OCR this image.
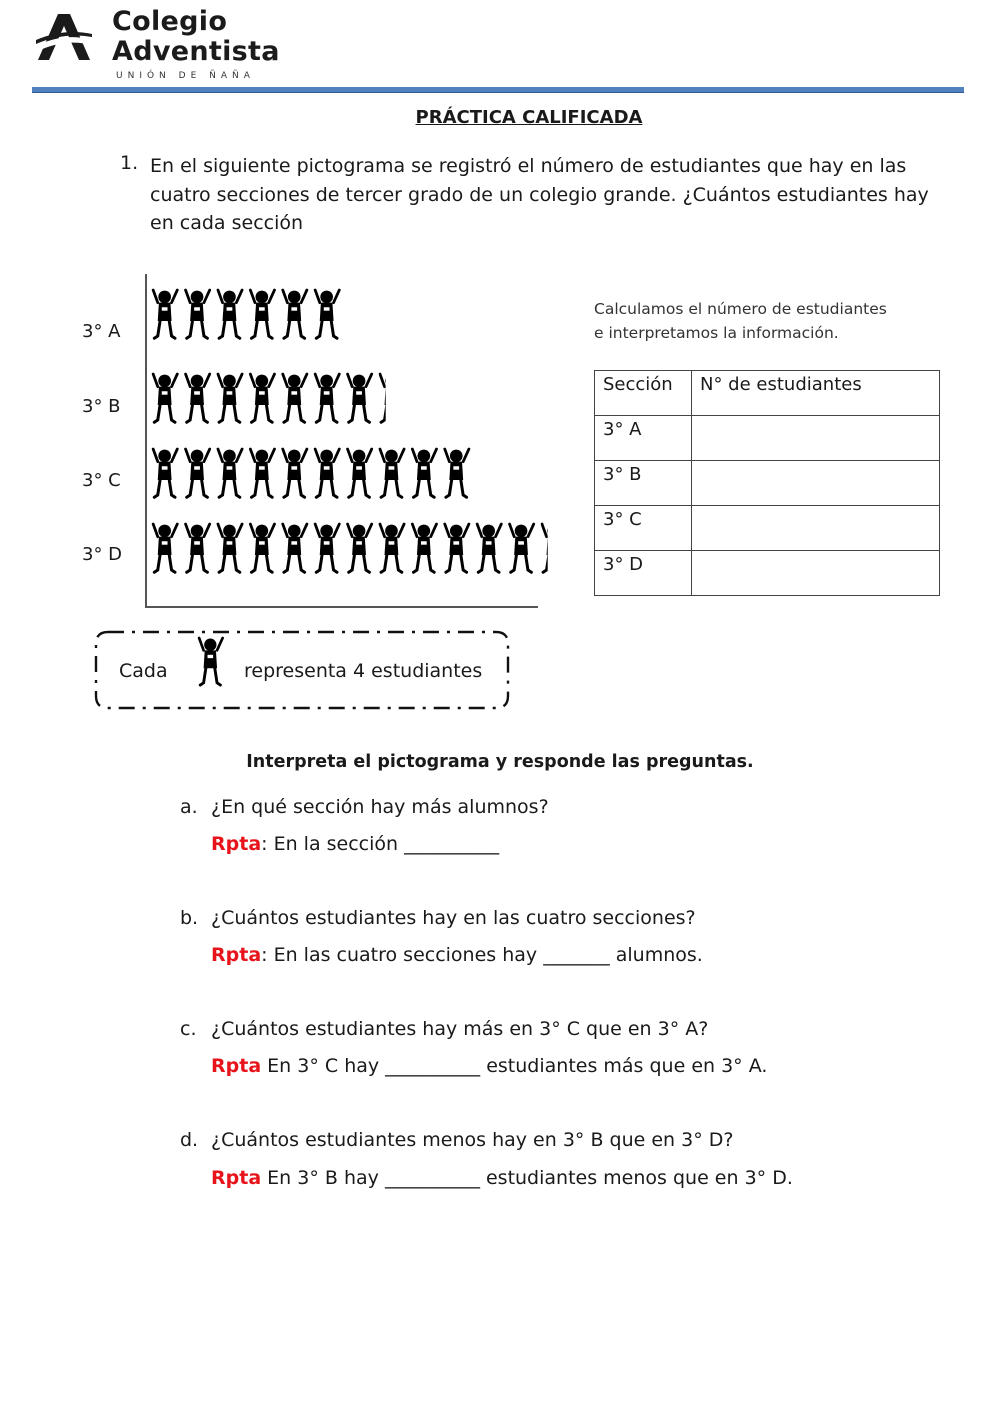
Colegio
Adventista
UNIÓN DE ÑAÑA
PRÁCTICA CALIFICADA
1. En el siguiente pictograma se registró el número de estudiantes que hay en las cuatro secciones de tercer grado de un colegio grande. ¿Cuántos estudiantes hay en cada sección
3° A
3° B
3° C
3° D
Calculamos el número de estudiantes
e interpretamos la información.
Sección	N° de estudiantes
3° A	
3° B	
3° C	
3° D	
Cada	representa 4 estudiantes
Interpreta el pictograma y responde las preguntas.
a. ¿En qué sección hay más alumnos?
Rpta: En la sección __________
b. ¿Cuántos estudiantes hay en las cuatro secciones?
Rpta: En las cuatro secciones hay _______ alumnos.
c. ¿Cuántos estudiantes hay más en 3° C que en 3° A?
Rpta En 3° C hay __________ estudiantes más que en 3° A.
d. ¿Cuántos estudiantes menos hay en 3° B que en 3° D?
Rpta En 3° B hay __________ estudiantes menos que en 3° D.
